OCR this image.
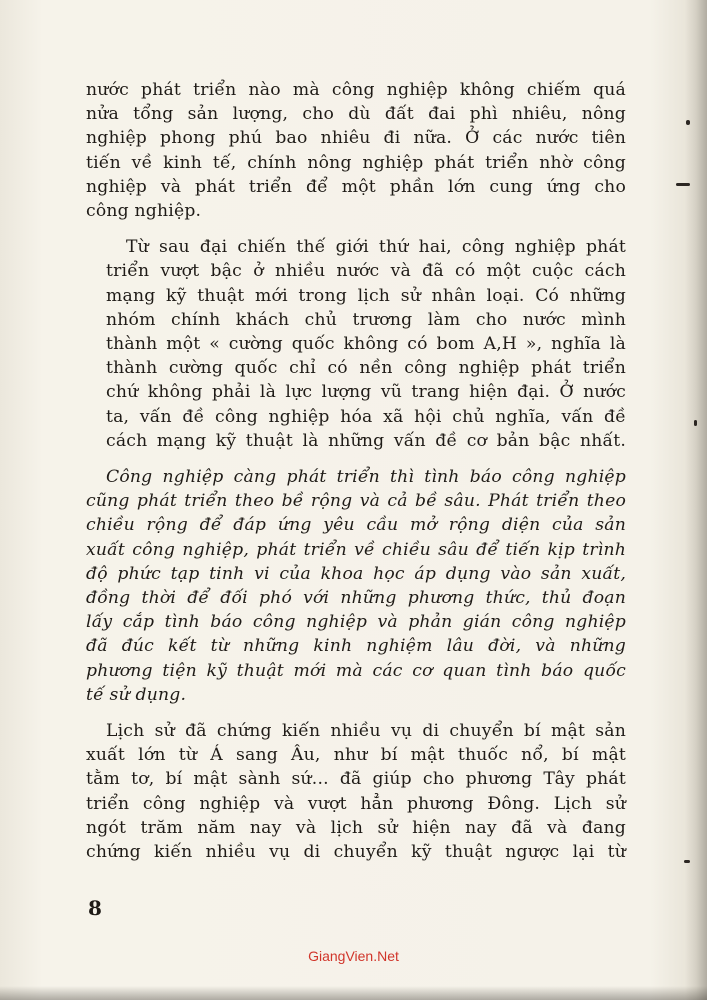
nước phát triển nào mà công nghiệp không chiếm quá
nửa tổng sản lượng, cho dù đất đai phì nhiêu, nông
nghiệp phong phú bao nhiêu đi nữa. Ở các nước tiên
tiến về kinh tế, chính nông nghiệp phát triển nhờ công
nghiệp và phát triển để một phần lớn cung ứng cho
công nghiệp.

Từ sau đại chiến thế giới thứ hai, công nghiệp phát
triển vượt bậc ở nhiều nước và đã có một cuộc cách
mạng kỹ thuật mới trong lịch sử nhân loại. Có những
nhóm chính khách chủ trương làm cho nước mình
thành một « cường quốc không có bom A,H », nghĩa là
thành cường quốc chỉ có nền công nghiệp phát triển
chứ không phải là lực lượng vũ trang hiện đại. Ở nước
ta, vấn đề công nghiệp hóa xã hội chủ nghĩa, vấn đề
cách mạng kỹ thuật là những vấn đề cơ bản bậc nhất.

Công nghiệp càng phát triển thì tình báo công nghiệp
cũng phát triển theo bề rộng và cả bề sâu. Phát triển theo
chiều rộng để đáp ứng yêu cầu mở rộng diện của sản
xuất công nghiệp, phát triển về chiều sâu để tiến kịp trình
độ phức tạp tinh vi của khoa học áp dụng vào sản xuất,
đồng thời để đối phó với những phương thức, thủ đoạn
lấy cắp tình báo công nghiệp và phản gián công nghiệp
đã đúc kết từ những kinh nghiệm lâu đời, và những
phương tiện kỹ thuật mới mà các cơ quan tình báo quốc
tế sử dụng.

Lịch sử đã chứng kiến nhiều vụ di chuyển bí mật sản
xuất lớn từ Á sang Âu, như bí mật thuốc nổ, bí mật
tằm tơ, bí mật sành sứ... đã giúp cho phương Tây phát
triển công nghiệp và vượt hẳn phương Đông. Lịch sử
ngót trăm năm nay và lịch sử hiện nay đã và đang
chứng kiến nhiều vụ di chuyển kỹ thuật ngược lại từ

8
GiangVien.Net
